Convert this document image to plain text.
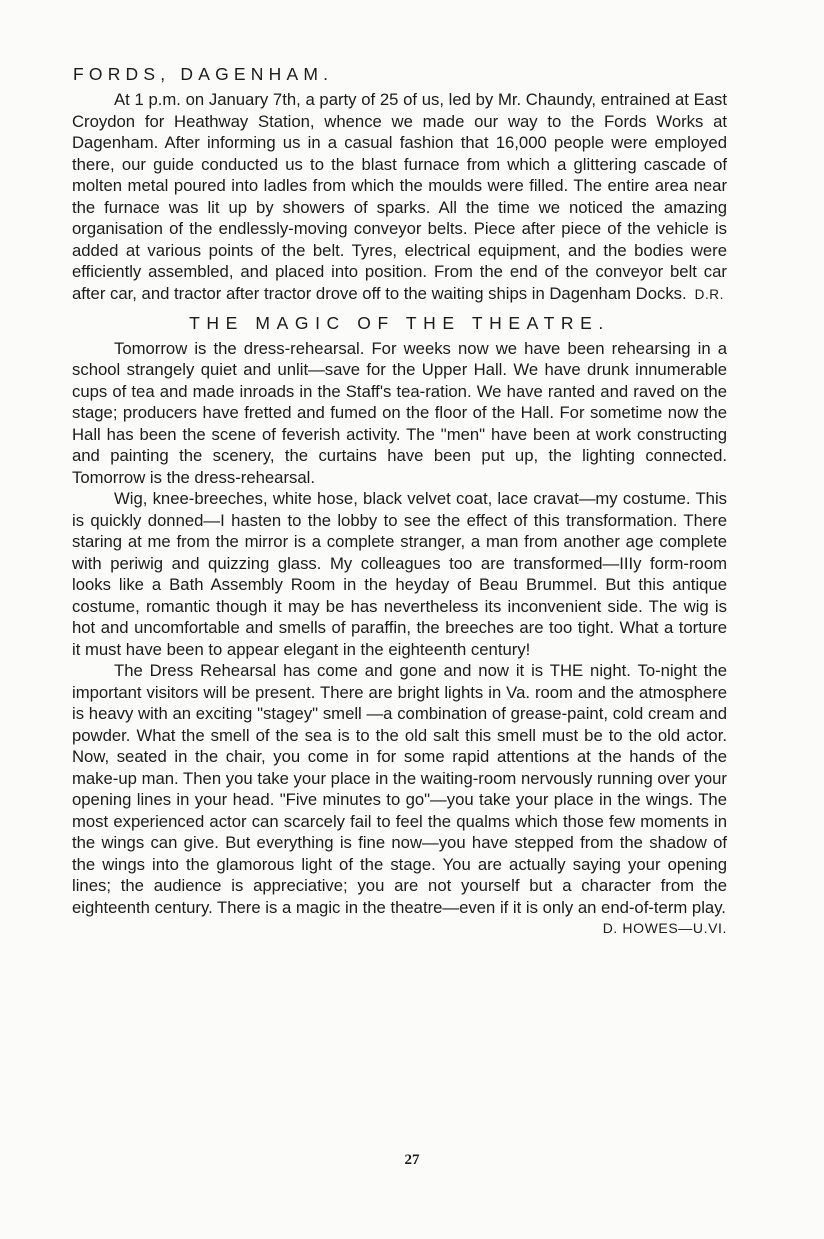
FORDS, DAGENHAM.

At 1 p.m. on January 7th, a party of 25 of us, led by Mr. Chaundy, entrained at East Croydon for Heathway Station, whence we made our way to the Fords Works at Dagenham. After informing us in a casual fashion that 16,000 people were employed there, our guide conducted us to the blast furnace from which a glittering cascade of molten metal poured into ladles from which the moulds were filled. The entire area near the furnace was lit up by showers of sparks. All the time we noticed the amazing organisation of the endlessly-moving conveyor belts. Piece after piece of the vehicle is added at various points of the belt. Tyres, electrical equipment, and the bodies were efficiently assembled, and placed into position. From the end of the conveyor belt car after car, and tractor after tractor drove off to the waiting ships in Dagenham Docks. D.R.
THE MAGIC OF THE THEATRE.

Tomorrow is the dress-rehearsal. For weeks now we have been rehearsing in a school strangely quiet and unlit—save for the Upper Hall. We have drunk innumerable cups of tea and made inroads in the Staff's tea-ration. We have ranted and raved on the stage; producers have fretted and fumed on the floor of the Hall. For sometime now the Hall has been the scene of feverish activity. The "men" have been at work constructing and painting the scenery, the curtains have been put up, the lighting connected. Tomorrow is the dress-rehearsal.

Wig, knee-breeches, white hose, black velvet coat, lace cravat—my costume. This is quickly donned—I hasten to the lobby to see the effect of this transformation. There staring at me from the mirror is a complete stranger, a man from another age complete with periwig and quizzing glass. My colleagues too are transformed—IIIy form-room looks like a Bath Assembly Room in the heyday of Beau Brummel. But this antique costume, romantic though it may be has nevertheless its inconvenient side. The wig is hot and uncomfortable and smells of paraffin, the breeches are too tight. What a torture it must have been to appear elegant in the eighteenth century!

The Dress Rehearsal has come and gone and now it is THE night. To-night the important visitors will be present. There are bright lights in Va. room and the atmosphere is heavy with an exciting "stagey" smell —a combination of grease-paint, cold cream and powder. What the smell of the sea is to the old salt this smell must be to the old actor. Now, seated in the chair, you come in for some rapid attentions at the hands of the make-up man. Then you take your place in the waiting-room nervously running over your opening lines in your head. "Five minutes to go"—you take your place in the wings. The most experienced actor can scarcely fail to feel the qualms which those few moments in the wings can give. But everything is fine now—you have stepped from the shadow of the wings into the glamorous light of the stage. You are actually saying your opening lines; the audience is appreciative; you are not yourself but a character from the eighteenth century. There is a magic in the theatre—even if it is only an end-of-term play.

D. HOWES—U.VI.
27
